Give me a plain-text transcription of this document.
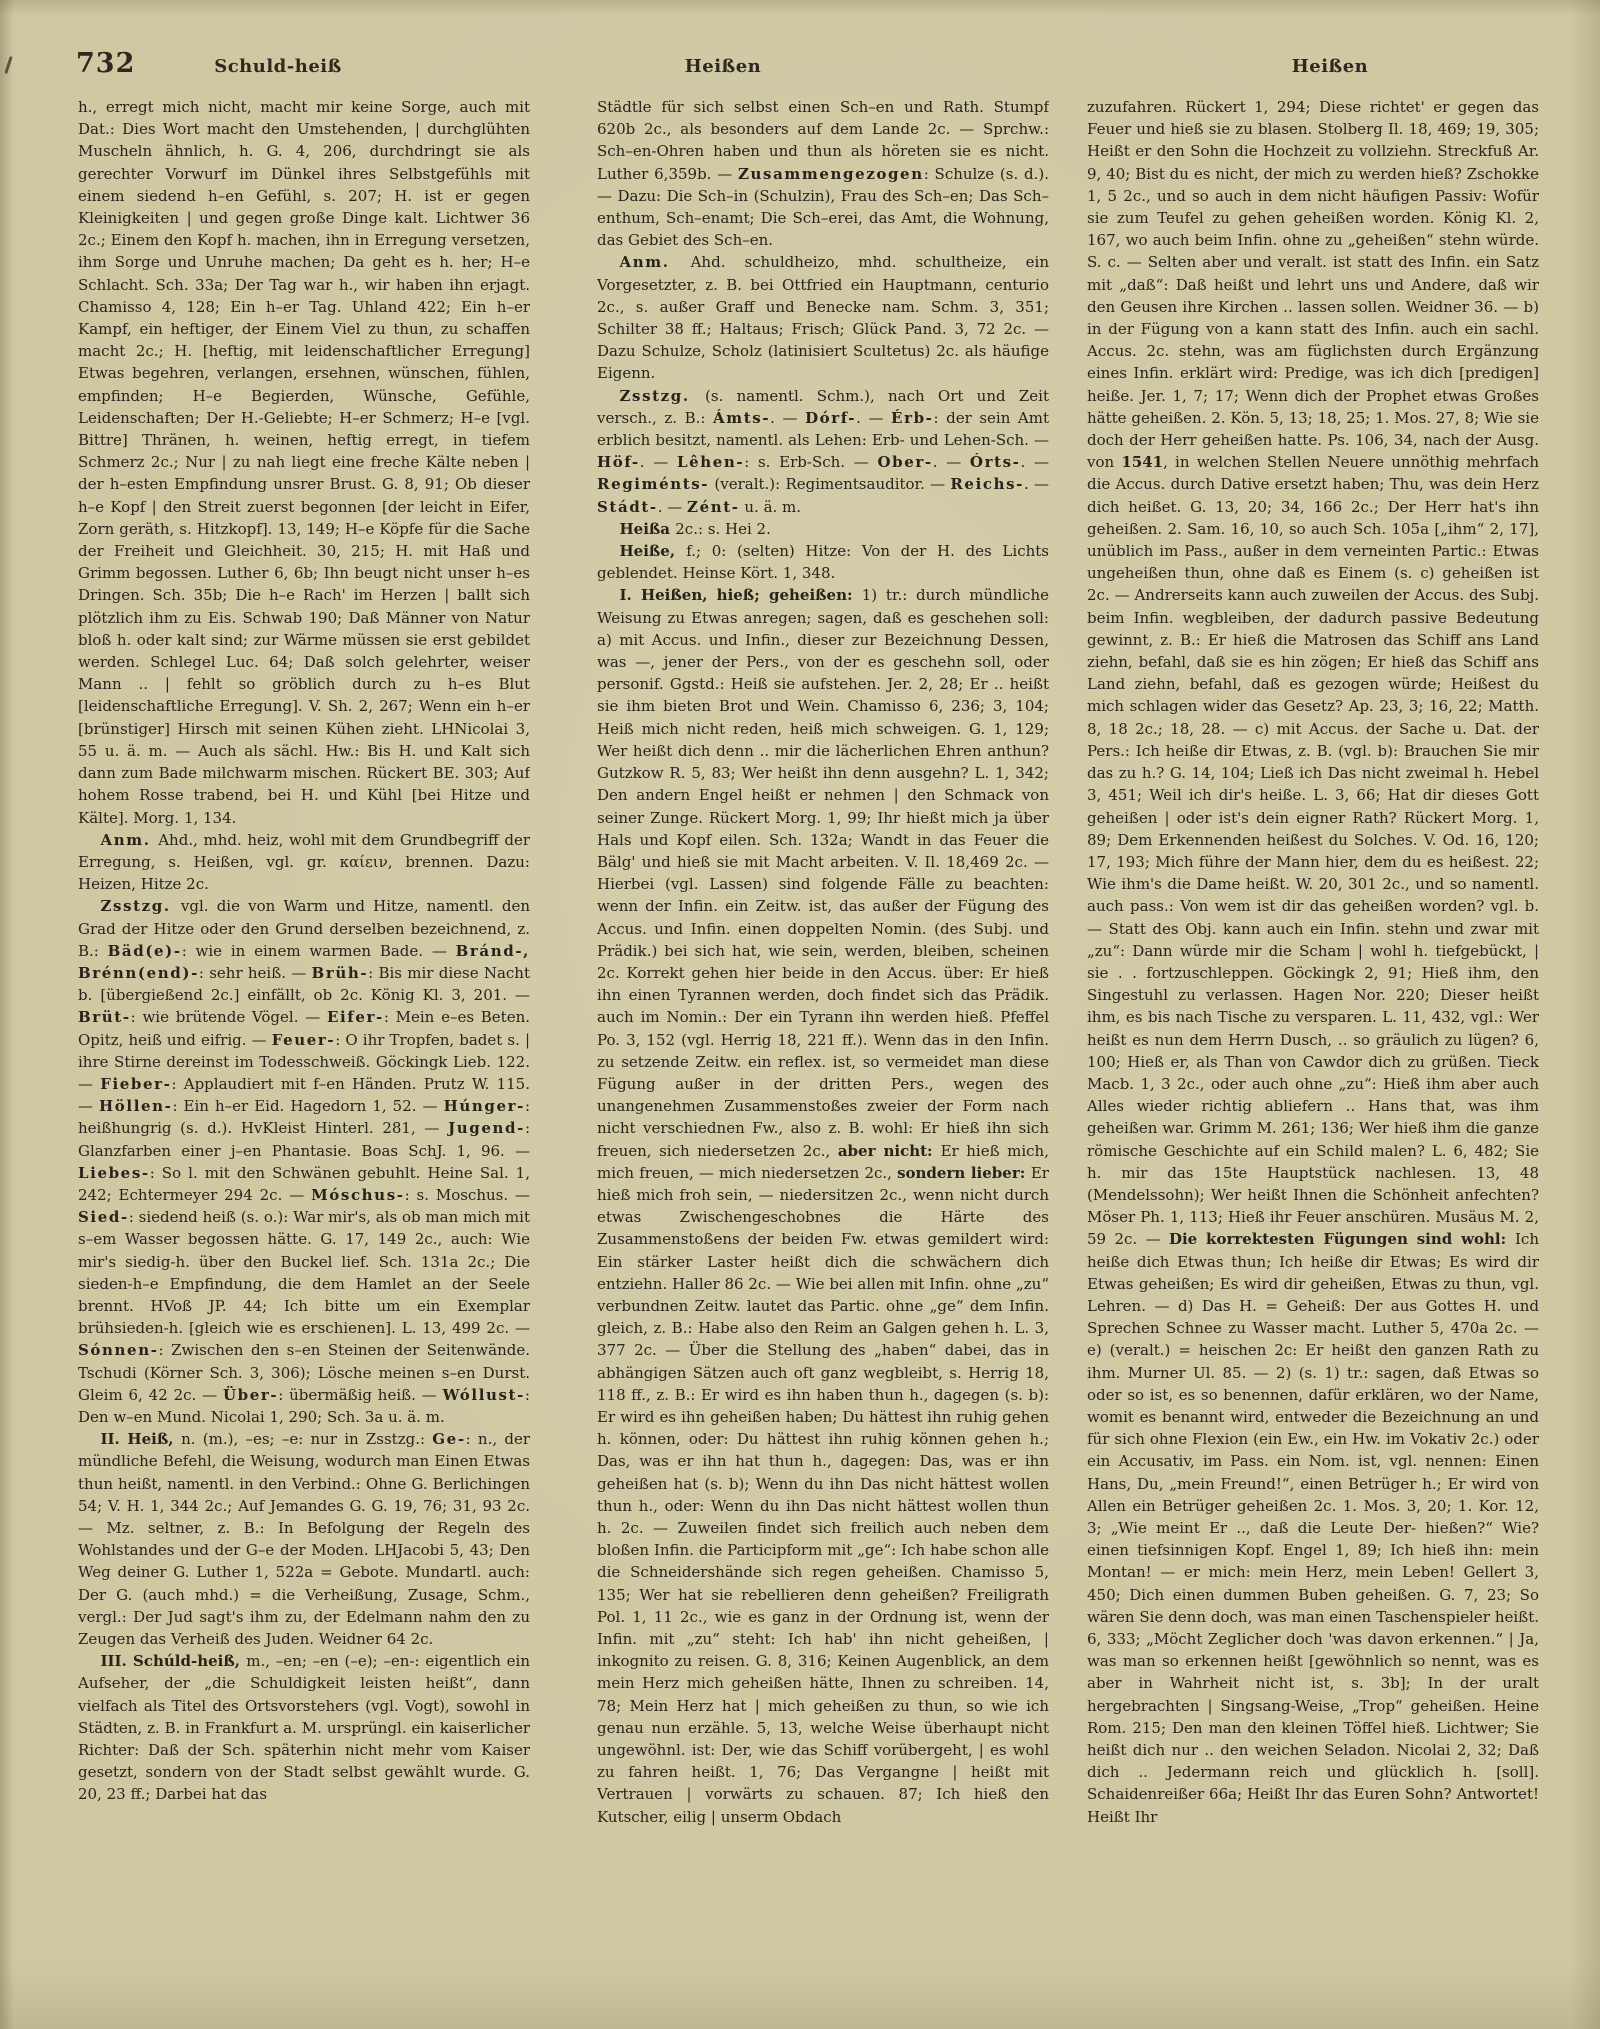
732	Schuld-heiß	Heißen	Heißen
h., erregt mich nicht, macht mir keine Sorge, auch mit Dat.: Dies Wort macht den Umstehenden, | durchglühten Muscheln ähnlich, h. G. 4, 206, durchdringt sie als gerechter Vorwurf im Dünkel ihres Selbstgefühls mit einem siedend h–en Gefühl, s. 207; H. ist er gegen Kleinigkeiten | und gegen große Dinge kalt. Lichtwer 36 2c.; Einem den Kopf h. machen, ihn in Erregung versetzen, ihm Sorge und Unruhe machen; Da geht es h. her; H–e Schlacht. Sch. 33a; Der Tag war h., wir haben ihn erjagt. Chamisso 4, 128; Ein h–er Tag. Uhland 422; Ein h–er Kampf, ein heftiger, der Einem Viel zu thun, zu schaffen macht 2c.; H. [heftig, mit leidenschaftlicher Erregung] Etwas begehren, verlangen, ersehnen, wünschen, fühlen, empfinden; H–e Begierden, Wünsche, Gefühle, Leidenschaften; Der H.-Geliebte; H–er Schmerz; H–e [vgl. Bittre] Thränen, h. weinen, heftig erregt, in tiefem Schmerz 2c.; Nur | zu nah liegt eine freche Kälte neben | der h–esten Empfindung unsrer Brust. G. 8, 91; Ob dieser h–e Kopf | den Streit zuerst begonnen [der leicht in Eifer, Zorn geräth, s. Hitzkopf]. 13, 149; H–e Köpfe für die Sache der Freiheit und Gleichheit. 30, 215; H. mit Haß und Grimm begossen. Luther 6, 6b; Ihn beugt nicht unser h–es Dringen. Sch. 35b; Die h–e Rach' im Herzen | ballt sich plötzlich ihm zu Eis. Schwab 190; Daß Männer von Natur bloß h. oder kalt sind; zur Wärme müssen sie erst gebildet werden. Schlegel Luc. 64; Daß solch gelehrter, weiser Mann .. | fehlt so gröblich durch zu h–es Blut [leidenschaftliche Erregung]. V. Sh. 2, 267; Wenn ein h–er [brünstiger] Hirsch mit seinen Kühen zieht. LHNicolai 3, 55 u. ä. m. — Auch als sächl. Hw.: Bis H. und Kalt sich dann zum Bade milchwarm mischen. Rückert BE. 303; Auf hohem Rosse trabend, bei H. und Kühl [bei Hitze und Kälte]. Morg. 1, 134.
Anm. Ahd., mhd. heiz, wohl mit dem Grundbegriff der Erregung, s. Heißen, vgl. gr. καίειν, brennen. Dazu: Heizen, Hitze 2c.
Zsstzg. vgl. die von Warm und Hitze, namentl. den Grad der Hitze oder den Grund derselben bezeichnend, z. B.: Bäd(e)-: wie in einem warmen Bade. — Bránd-, Brénn(end)-: sehr heiß. — Brüh-: Bis mir diese Nacht b. [übergießend 2c.] einfällt, ob 2c. König Kl. 3, 201. — Brüt-: wie brütende Vögel. — Eifer-: Mein e–es Beten. Opitz, heiß und eifrig. — Feuer-: O ihr Tropfen, badet s. | ihre Stirne dereinst im Todesschweiß. Göckingk Lieb. 122. — Fieber-: Applaudiert mit f–en Händen. Prutz W. 115. — Höllen-: Ein h–er Eid. Hagedorn 1, 52. — Húnger-: heißhungrig (s. d.). HvKleist Hinterl. 281, — Jugend-: Glanzfarben einer j–en Phantasie. Boas SchJ. 1, 96. — Liebes-: So l. mit den Schwänen gebuhlt. Heine Sal. 1, 242; Echtermeyer 294 2c. — Móschus-: s. Moschus. — Sied-: siedend heiß (s. o.): War mir's, als ob man mich mit s–em Wasser begossen hätte. G. 17, 149 2c., auch: Wie mir's siedig-h. über den Buckel lief. Sch. 131a 2c.; Die sieden-h–e Empfindung, die dem Hamlet an der Seele brennt. HVoß JP. 44; Ich bitte um ein Exemplar brühsieden-h. [gleich wie es erschienen]. L. 13, 499 2c. — Sónnen-: Zwischen den s–en Steinen der Seitenwände. Tschudi (Körner Sch. 3, 306); Lösche meinen s–en Durst. Gleim 6, 42 2c. — Über-: übermäßig heiß. — Wóllust-: Den w–en Mund. Nicolai 1, 290; Sch. 3a u. ä. m.
II. Heiß, n. (m.), –es; –e: nur in Zsstzg.: Ge-: n., der mündliche Befehl, die Weisung, wodurch man Einen Etwas thun heißt, namentl. in den Verbind.: Ohne G. Berlichingen 54; V. H. 1, 344 2c.; Auf Jemandes G. G. 19, 76; 31, 93 2c. — Mz. seltner, z. B.: In Befolgung der Regeln des Wohlstandes und der G–e der Moden. LHJacobi 5, 43; Den Weg deiner G. Luther 1, 522a = Gebote. Mundartl. auch: Der G. (auch mhd.) = die Verheißung, Zusage, Schm., vergl.: Der Jud sagt's ihm zu, der Edelmann nahm den zu Zeugen das Verheiß des Juden. Weidner 64 2c.
III. Schúld-heiß, m., –en; –en (–e); –en-: eigentlich ein Aufseher, der „die Schuldigkeit leisten heißt“, dann vielfach als Titel des Ortsvorstehers (vgl. Vogt), sowohl in Städten, z. B. in Frankfurt a. M. ursprüngl. ein kaiserlicher Richter: Daß der Sch. späterhin nicht mehr vom Kaiser gesetzt, sondern von der Stadt selbst gewählt wurde. G. 20, 23 ff.; Darbei hat das
Städtle für sich selbst einen Sch–en und Rath. Stumpf 620b 2c., als besonders auf dem Lande 2c. — Sprchw.: Sch–en-Ohren haben und thun als höreten sie es nicht. Luther 6,359b. — Zusammengezogen: Schulze (s. d.). — Dazu: Die Sch–in (Schulzin), Frau des Sch–en; Das Sch–enthum, Sch–enamt; Die Sch–erei, das Amt, die Wohnung, das Gebiet des Sch–en.
Anm. Ahd. schuldheizo, mhd. schultheize, ein Vorgesetzter, z. B. bei Ottfried ein Hauptmann, centurio 2c., s. außer Graff und Benecke nam. Schm. 3, 351; Schilter 38 ff.; Haltaus; Frisch; Glück Pand. 3, 72 2c. — Dazu Schulze, Scholz (latinisiert Scultetus) 2c. als häufige Eigenn.
Zsstzg. (s. namentl. Schm.), nach Ort und Zeit versch., z. B.: Ámts-. — Dórf-. — Érb-: der sein Amt erblich besitzt, namentl. als Lehen: Erb- und Lehen-Sch. — Höf-. — Lêhen-: s. Erb-Sch. — Ober-. — Órts-. — Regiménts- (veralt.): Regimentsauditor. — Reichs-. — Stádt-. — Zént- u. ä. m.
Heißa 2c.: s. Hei 2.
Heiße, f.; 0: (selten) Hitze: Von der H. des Lichts geblendet. Heinse Kört. 1, 348.
I. Heißen, hieß; geheißen: 1) tr.: durch mündliche Weisung zu Etwas anregen; sagen, daß es geschehen soll: a) mit Accus. und Infin., dieser zur Bezeichnung Dessen, was —, jener der Pers., von der es geschehn soll, oder personif. Ggstd.: Heiß sie aufstehen. Jer. 2, 28; Er .. heißt sie ihm bieten Brot und Wein. Chamisso 6, 236; 3, 104; Heiß mich nicht reden, heiß mich schweigen. G. 1, 129; Wer heißt dich denn .. mir die lächerlichen Ehren anthun? Gutzkow R. 5, 83; Wer heißt ihn denn ausgehn? L. 1, 342; Den andern Engel heißt er nehmen | den Schmack von seiner Zunge. Rückert Morg. 1, 99; Ihr hießt mich ja über Hals und Kopf eilen. Sch. 132a; Wandt in das Feuer die Bälg' und hieß sie mit Macht arbeiten. V. Il. 18,469 2c. — Hierbei (vgl. Lassen) sind folgende Fälle zu beachten: wenn der Infin. ein Zeitw. ist, das außer der Fügung des Accus. und Infin. einen doppelten Nomin. (des Subj. und Prädik.) bei sich hat, wie sein, werden, bleiben, scheinen 2c. Korrekt gehen hier beide in den Accus. über: Er hieß ihn einen Tyrannen werden, doch findet sich das Prädik. auch im Nomin.: Der ein Tyrann ihn werden hieß. Pfeffel Po. 3, 152 (vgl. Herrig 18, 221 ff.). Wenn das in den Infin. zu setzende Zeitw. ein reflex. ist, so vermeidet man diese Fügung außer in der dritten Pers., wegen des unangenehmen Zusammenstoßes zweier der Form nach nicht verschiednen Fw., also z. B. wohl: Er hieß ihn sich freuen, sich niedersetzen 2c., aber nicht: Er hieß mich, mich freuen, — mich niedersetzen 2c., sondern lieber: Er hieß mich froh sein, — niedersitzen 2c., wenn nicht durch etwas Zwischengeschobnes die Härte des Zusammenstoßens der beiden Fw. etwas gemildert wird: Ein stärker Laster heißt dich die schwächern dich entziehn. Haller 86 2c. — Wie bei allen mit Infin. ohne „zu“ verbundnen Zeitw. lautet das Partic. ohne „ge“ dem Infin. gleich, z. B.: Habe also den Reim an Galgen gehen h. L. 3, 377 2c. — Über die Stellung des „haben“ dabei, das in abhängigen Sätzen auch oft ganz wegbleibt, s. Herrig 18, 118 ff., z. B.: Er wird es ihn haben thun h., dagegen (s. b): Er wird es ihn geheißen haben; Du hättest ihn ruhig gehen h. können, oder: Du hättest ihn ruhig können gehen h.; Das, was er ihn hat thun h., dagegen: Das, was er ihn geheißen hat (s. b); Wenn du ihn Das nicht hättest wollen thun h., oder: Wenn du ihn Das nicht hättest wollen thun h. 2c. — Zuweilen findet sich freilich auch neben dem bloßen Infin. die Participform mit „ge“: Ich habe schon alle die Schneidershände sich regen geheißen. Chamisso 5, 135; Wer hat sie rebellieren denn geheißen? Freiligrath Pol. 1, 11 2c., wie es ganz in der Ordnung ist, wenn der Infin. mit „zu“ steht: Ich hab' ihn nicht geheißen, | inkognito zu reisen. G. 8, 316; Keinen Augenblick, an dem mein Herz mich geheißen hätte, Ihnen zu schreiben. 14, 78; Mein Herz hat | mich geheißen zu thun, so wie ich genau nun erzähle. 5, 13, welche Weise überhaupt nicht ungewöhnl. ist: Der, wie das Schiff vorübergeht, | es wohl zu fahren heißt. 1, 76; Das Vergangne | heißt mit Vertrauen | vorwärts zu schauen. 87; Ich hieß den Kutscher, eilig | unserm Obdach
zuzufahren. Rückert 1, 294; Diese richtet' er gegen das Feuer und hieß sie zu blasen. Stolberg Il. 18, 469; 19, 305; Heißt er den Sohn die Hochzeit zu vollziehn. Streckfuß Ar. 9, 40; Bist du es nicht, der mich zu werden hieß? Zschokke 1, 5 2c., und so auch in dem nicht häufigen Passiv: Wofür sie zum Teufel zu gehen geheißen worden. König Kl. 2, 167, wo auch beim Infin. ohne zu „geheißen“ stehn würde. S. c. — Selten aber und veralt. ist statt des Infin. ein Satz mit „daß“: Daß heißt und lehrt uns und Andere, daß wir den Geusen ihre Kirchen .. lassen sollen. Weidner 36. — b) in der Fügung von a kann statt des Infin. auch ein sachl. Accus. 2c. stehn, was am füglichsten durch Ergänzung eines Infin. erklärt wird: Predige, was ich dich [predigen] heiße. Jer. 1, 7; 17; Wenn dich der Prophet etwas Großes hätte geheißen. 2. Kön. 5, 13; 18, 25; 1. Mos. 27, 8; Wie sie doch der Herr geheißen hatte. Ps. 106, 34, nach der Ausg. von 1541, in welchen Stellen Neuere unnöthig mehrfach die Accus. durch Dative ersetzt haben; Thu, was dein Herz dich heißet. G. 13, 20; 34, 166 2c.; Der Herr hat's ihn geheißen. 2. Sam. 16, 10, so auch Sch. 105a [„ihm“ 2, 17], unüblich im Pass., außer in dem verneinten Partic.: Etwas ungeheißen thun, ohne daß es Einem (s. c) geheißen ist 2c. — Andrerseits kann auch zuweilen der Accus. des Subj. beim Infin. wegbleiben, der dadurch passive Bedeutung gewinnt, z. B.: Er hieß die Matrosen das Schiff ans Land ziehn, befahl, daß sie es hin zögen; Er hieß das Schiff ans Land ziehn, befahl, daß es gezogen würde; Heißest du mich schlagen wider das Gesetz? Ap. 23, 3; 16, 22; Matth. 8, 18 2c.; 18, 28. — c) mit Accus. der Sache u. Dat. der Pers.: Ich heiße dir Etwas, z. B. (vgl. b): Brauchen Sie mir das zu h.? G. 14, 104; Ließ ich Das nicht zweimal h. Hebel 3, 451; Weil ich dir's heiße. L. 3, 66; Hat dir dieses Gott geheißen | oder ist's dein eigner Rath? Rückert Morg. 1, 89; Dem Erkennenden heißest du Solches. V. Od. 16, 120; 17, 193; Mich führe der Mann hier, dem du es heißest. 22; Wie ihm's die Dame heißt. W. 20, 301 2c., und so namentl. auch pass.: Von wem ist dir das geheißen worden? vgl. b. — Statt des Obj. kann auch ein Infin. stehn und zwar mit „zu“: Dann würde mir die Scham | wohl h. tiefgebückt, | sie . . fortzuschleppen. Göckingk 2, 91; Hieß ihm, den Singestuhl zu verlassen. Hagen Nor. 220; Dieser heißt ihm, es bis nach Tische zu versparen. L. 11, 432, vgl.: Wer heißt es nun dem Herrn Dusch, .. so gräulich zu lügen? 6, 100; Hieß er, als Than von Cawdor dich zu grüßen. Tieck Macb. 1, 3 2c., oder auch ohne „zu“: Hieß ihm aber auch Alles wieder richtig abliefern .. Hans that, was ihm geheißen war. Grimm M. 261; 136; Wer hieß ihm die ganze römische Geschichte auf ein Schild malen? L. 6, 482; Sie h. mir das 15te Hauptstück nachlesen. 13, 48 (Mendelssohn); Wer heißt Ihnen die Schönheit anfechten? Möser Ph. 1, 113; Hieß ihr Feuer anschüren. Musäus M. 2, 59 2c. — Die korrektesten Fügungen sind wohl: Ich heiße dich Etwas thun; Ich heiße dir Etwas; Es wird dir Etwas geheißen; Es wird dir geheißen, Etwas zu thun, vgl. Lehren. — d) Das H. = Geheiß: Der aus Gottes H. und Sprechen Schnee zu Wasser macht. Luther 5, 470a 2c. — e) (veralt.) = heischen 2c: Er heißt den ganzen Rath zu ihm. Murner Ul. 85. — 2) (s. 1) tr.: sagen, daß Etwas so oder so ist, es so benennen, dafür erklären, wo der Name, womit es benannt wird, entweder die Bezeichnung an und für sich ohne Flexion (ein Ew., ein Hw. im Vokativ 2c.) oder ein Accusativ, im Pass. ein Nom. ist, vgl. nennen: Einen Hans, Du, „mein Freund!“, einen Betrüger h.; Er wird von Allen ein Betrüger geheißen 2c. 1. Mos. 3, 20; 1. Kor. 12, 3; „Wie meint Er .., daß die Leute Der- hießen?“ Wie? einen tiefsinnigen Kopf. Engel 1, 89; Ich hieß ihn: mein Montan! — er mich: mein Herz, mein Leben! Gellert 3, 450; Dich einen dummen Buben geheißen. G. 7, 23; So wären Sie denn doch, was man einen Taschenspieler heißt. 6, 333; „Möcht Zeglicher doch 'was davon erkennen.“ | Ja, was man so erkennen heißt [gewöhnlich so nennt, was es aber in Wahrheit nicht ist, s. 3b]; In der uralt hergebrachten | Singsang-Weise, „Trop“ geheißen. Heine Rom. 215; Den man den kleinen Töffel hieß. Lichtwer; Sie heißt dich nur .. den weichen Seladon. Nicolai 2, 32; Daß dich .. Jedermann reich und glücklich h. [soll]. Schaidenreißer 66a; Heißt Ihr das Euren Sohn? Antwortet! Heißt Ihr
